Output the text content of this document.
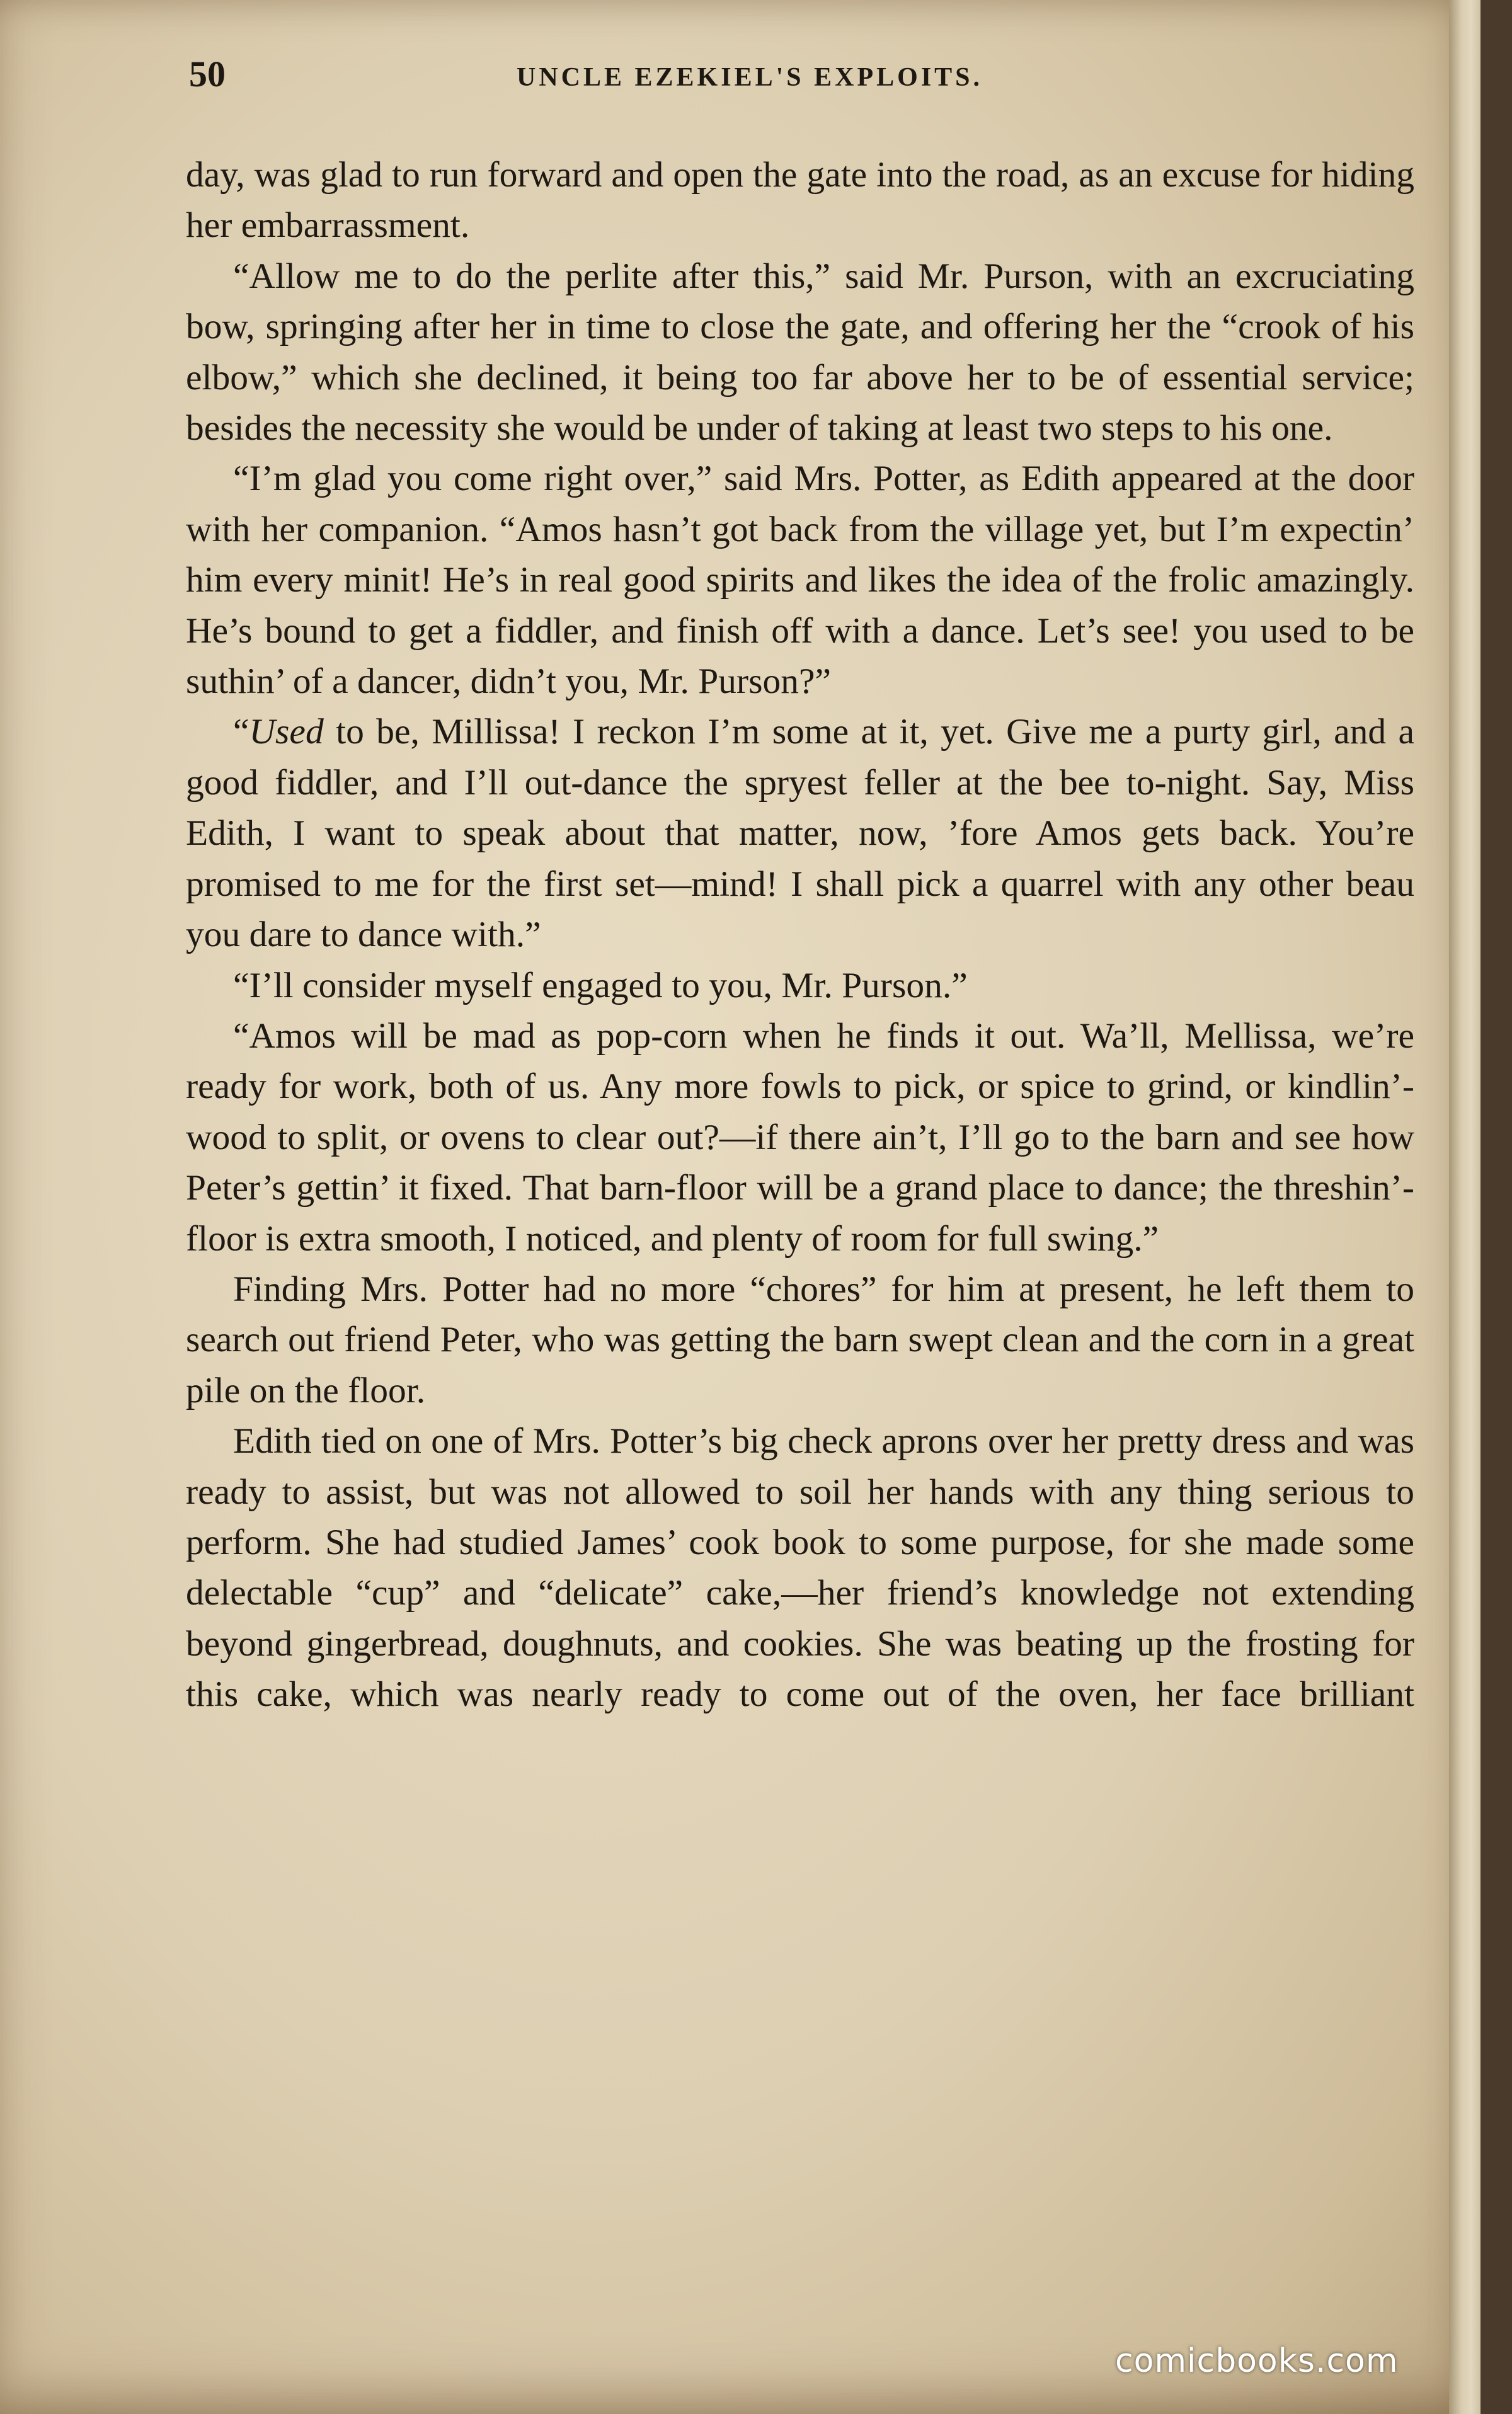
50	UNCLE EZEKIEL'S EXPLOITS.

day, was glad to run forward and open the gate into the road, as an excuse for hiding her embarrassment.

“Allow me to do the perlite after this,” said Mr. Purson, with an excruciating bow, springing after her in time to close the gate, and offering her the “crook of his elbow,” which she declined, it being too far above her to be of essential service; besides the necessity she would be under of taking at least two steps to his one.

“I’m glad you come right over,” said Mrs. Potter, as Edith appeared at the door with her companion. “Amos hasn’t got back from the village yet, but I’m expectin’ him every minit! He’s in real good spirits and likes the idea of the frolic amazingly. He’s bound to get a fiddler, and finish off with a dance. Let’s see! you used to be suthin’ of a dancer, didn’t you, Mr. Purson?”

“Used to be, Millissa! I reckon I’m some at it, yet. Give me a purty girl, and a good fiddler, and I’ll out-dance the spryest feller at the bee to-night. Say, Miss Edith, I want to speak about that matter, now, ’fore Amos gets back. You’re promised to me for the first set—mind! I shall pick a quarrel with any other beau you dare to dance with.”

“I’ll consider myself engaged to you, Mr. Purson.”

“Amos will be mad as pop-corn when he finds it out. Wa’ll, Mellissa, we’re ready for work, both of us. Any more fowls to pick, or spice to grind, or kindlin’-wood to split, or ovens to clear out?—if there ain’t, I’ll go to the barn and see how Peter’s gettin’ it fixed. That barn-floor will be a grand place to dance; the threshin’-floor is extra smooth, I noticed, and plenty of room for full swing.”

Finding Mrs. Potter had no more “chores” for him at present, he left them to search out friend Peter, who was getting the barn swept clean and the corn in a great pile on the floor.

Edith tied on one of Mrs. Potter’s big check aprons over her pretty dress and was ready to assist, but was not allowed to soil her hands with any thing serious to perform. She had studied James’ cook book to some purpose, for she made some delectable “cup” and “delicate” cake,—her friend’s knowledge not extending beyond gingerbread, doughnuts, and cookies. She was beating up the frosting for this cake, which was nearly ready to come out of the oven, her face brilliant

comicbooks.com
